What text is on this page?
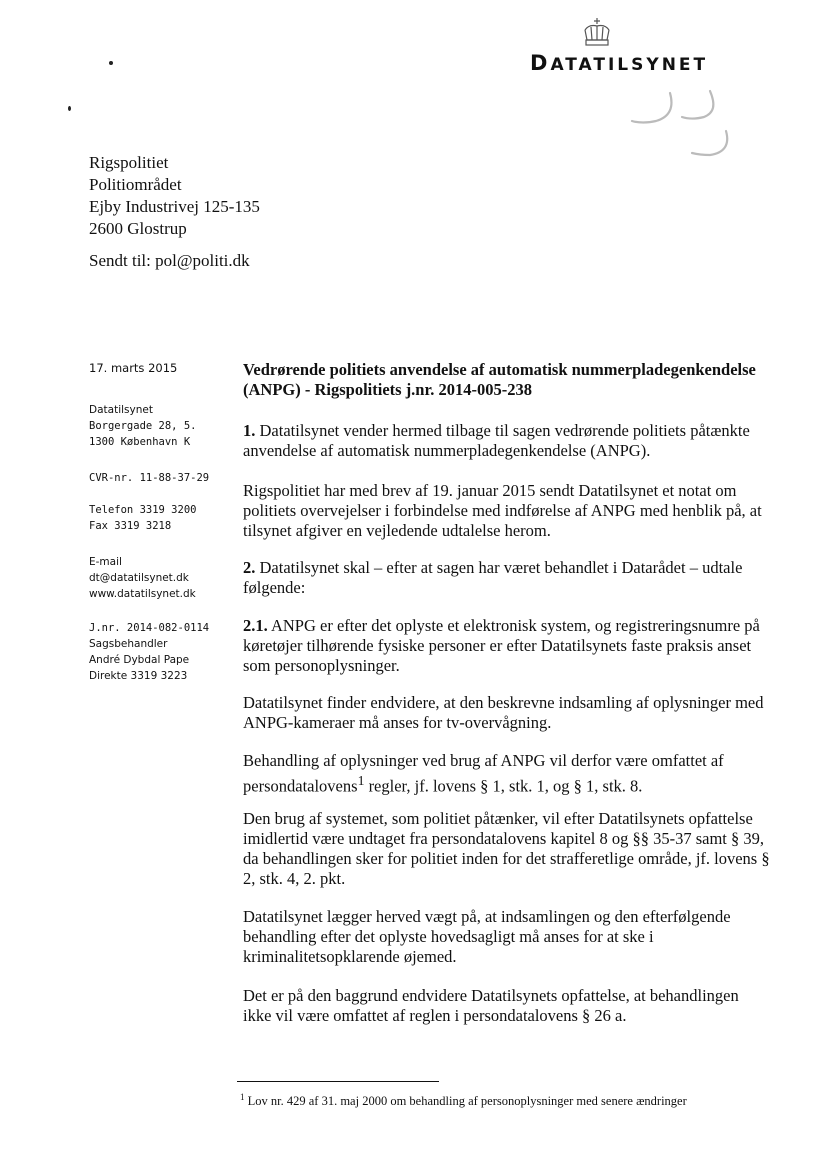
DATATILSYNET
Rigspolitiet
Politiområdet
Ejby Industrivej 125-135
2600 Glostrup
Sendt til: pol@politi.dk
17. marts 2015
Datatilsynet
Borgergade 28, 5.
1300 København K
CVR-nr. 11-88-37-29
Telefon 3319 3200
Fax 3319 3218
E-mail
dt@datatilsynet.dk
www.datatilsynet.dk
J.nr. 2014-082-0114
Sagsbehandler
André Dybdal Pape
Direkte 3319 3223
Vedrørende politiets anvendelse af automatisk nummerpladegenkendelse (ANPG) - Rigspolitiets j.nr. 2014-005-238
1. Datatilsynet vender hermed tilbage til sagen vedrørende politiets påtænkte anvendelse af automatisk nummerpladegenkendelse (ANPG).
Rigspolitiet har med brev af 19. januar 2015 sendt Datatilsynet et notat om politiets overvejelser i forbindelse med indførelse af ANPG med henblik på, at tilsynet afgiver en vejledende udtalelse herom.
2. Datatilsynet skal – efter at sagen har været behandlet i Datarådet – udtale følgende:
2.1. ANPG er efter det oplyste et elektronisk system, og registreringsnumre på køretøjer tilhørende fysiske personer er efter Datatilsynets faste praksis anset som personoplysninger.
Datatilsynet finder endvidere, at den beskrevne indsamling af oplysninger med ANPG-kameraer må anses for tv-overvågning.
Behandling af oplysninger ved brug af ANPG vil derfor være omfattet af persondatalovens$^1$ regler, jf. lovens § 1, stk. 1, og § 1, stk. 8.
Den brug af systemet, som politiet påtænker, vil efter Datatilsynets opfattelse imidlertid være undtaget fra persondatalovens kapitel 8 og §§ 35-37 samt § 39, da behandlingen sker for politiet inden for det strafferetlige område, jf. lovens § 2, stk. 4, 2. pkt.
Datatilsynet lægger herved vægt på, at indsamlingen og den efterfølgende behandling efter det oplyste hovedsagligt må anses for at ske i kriminalitetsopklarende øjemed.
Det er på den baggrund endvidere Datatilsynets opfattelse, at behandlingen ikke vil være omfattet af reglen i persondatalovens § 26 a.
$^1$ Lov nr. 429 af 31. maj 2000 om behandling af personoplysninger med senere ændringer
